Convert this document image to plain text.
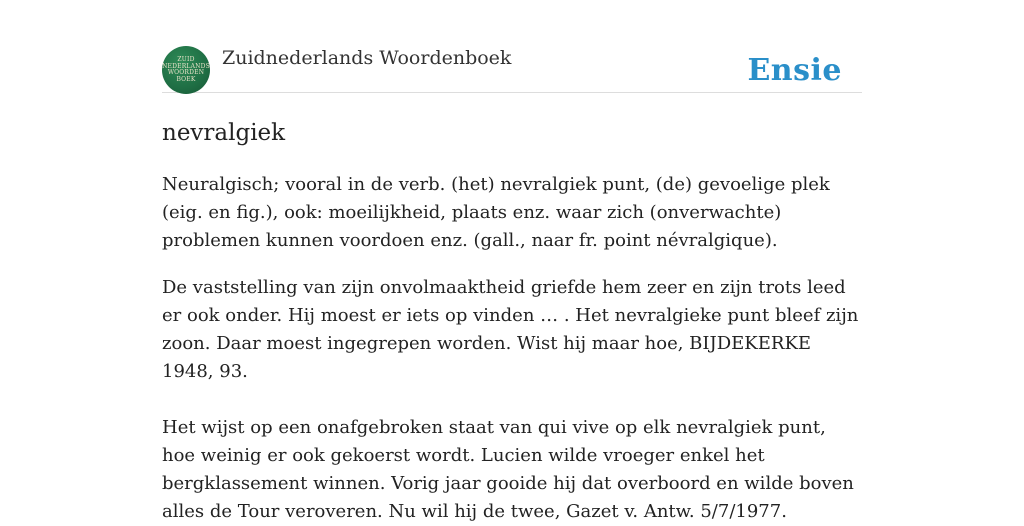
ZUID
NEDERLANDS
WOORDEN
BOEK
Zuidnederlands Woordenboek	Ensie
nevralgiek

Neuralgisch; vooral in de verb. (het) nevralgiek punt, (de) gevoelige plek (eig. en fig.), ook: moeilijkheid, plaats enz. waar zich (onverwachte) problemen kunnen voordoen enz. (gall., naar fr. point névralgique).

De vaststelling van zijn onvolmaaktheid griefde hem zeer en zijn trots leed er ook onder. Hij moest er iets op vinden … . Het nevralgieke punt bleef zijn zoon. Daar moest ingegrepen worden. Wist hij maar hoe, BIJDEKERKE 1948, 93.

Het wijst op een onafgebroken staat van qui vive op elk nevralgiek punt, hoe weinig er ook gekoerst wordt. Lucien wilde vroeger enkel het bergklassement winnen. Vorig jaar gooide hij dat overboord en wilde boven alles de Tour veroveren. Nu wil hij de twee, Gazet v. Antw. 5/7/1977.
